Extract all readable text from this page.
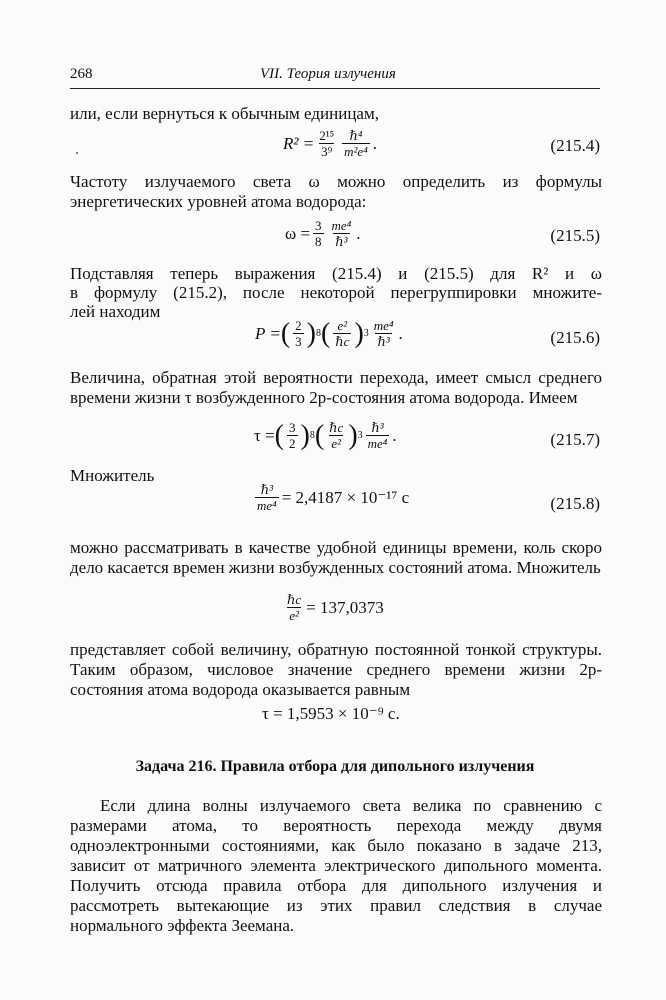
268	VII. Теория излучения
или, если вернуться к обычным единицам,
$R^2 = \frac{\text{2¹⁵}}{\text{3⁹}} \frac{\text{ℏ⁴}}{\text{m²e⁴}}$ .	(215.4)
Частоту излучаемого света ω можно определить из формулы энергетических уровней атома водорода:
$\omega = \frac{3}{8} \frac{\text{me⁴}}{\text{ℏ³}}$ .	(215.5)
Подставляя теперь выражения (215.4) и (215.5) для R² и ω
в формулу (215.2), после некоторой перегруппировки множите-
лей находим
P = ( $\frac{2}{3}$ ) 8 ( $\frac{\text{e²}}{\text{ℏc}}$ ) $3 \frac{\text{me⁴}}{\text{ℏ³}}$ .	(215.6)
Величина, обратная этой вероятности перехода, имеет смысл среднего времени жизни τ возбужденного 2p-состояния атома водорода. Имеем
τ = ( $\frac{3}{2}$ ) 8 ( $\frac{\text{ℏc}}{\text{e²}}$ ) $3 \frac{\text{ℏ³}}{\text{me⁴}}$ .	(215.7)
Множитель
$\frac{\text{ℏ³}}{\text{me⁴}} = 2,4187 \times 10^{-17}$ c	(215.8)
можно рассматривать в качестве удобной единицы времени, коль скоро дело касается времен жизни возбужденных состояний атома. Множитель
$\frac{\text{ℏc}}{\text{e²}} = 137,0373$
представляет собой величину, обратную постоянной тонкой структуры. Таким образом, числовое значение среднего времени жизни 2p-состояния атома водорода оказывается равным
τ = 1,5953 × 10⁻⁹ c.
Задача 216. Правила отбора для дипольного излучения
Если длина волны излучаемого света велика по сравнению с размерами атома, то вероятность перехода между двумя одноэлектронными состояниями, как было показано в задаче 213, зависит от матричного элемента электрического дипольного момента. Получить отсюда правила отбора для дипольного излучения и рассмотреть вытекающие из этих правил следствия в случае нормального эффекта Зеемана.
